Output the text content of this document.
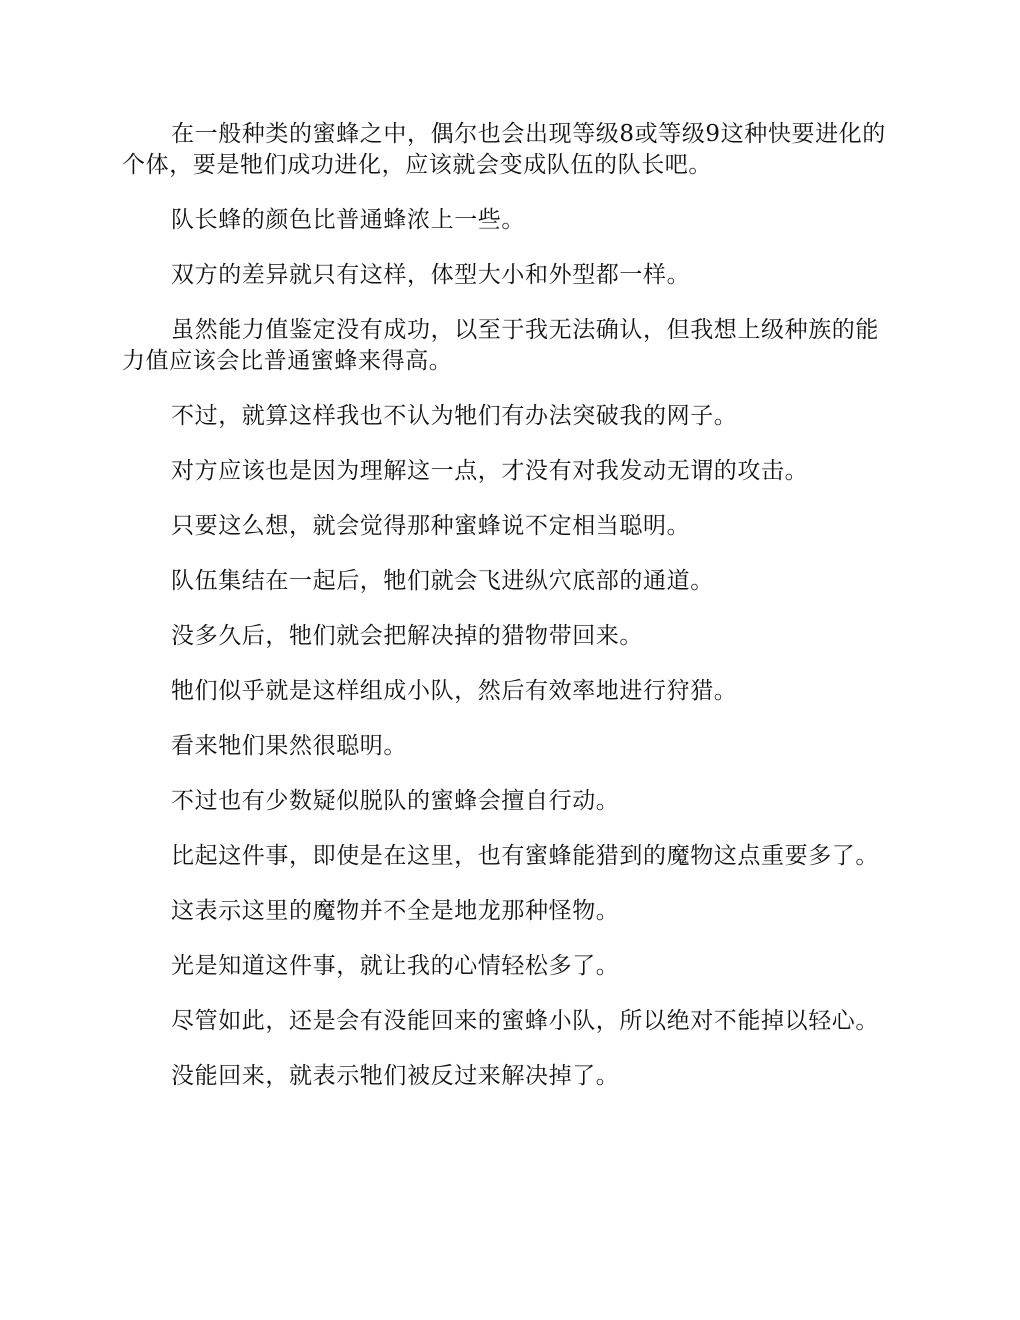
在一般种类的蜜蜂之中，偶尔也会出现等级8或等级9这种快要进化的个体，要是牠们成功进化，应该就会变成队伍的队长吧。

队长蜂的颜色比普通蜂浓上一些。

双方的差异就只有这样，体型大小和外型都一样。

虽然能力值鉴定没有成功，以至于我无法确认，但我想上级种族的能力值应该会比普通蜜蜂来得高。

不过，就算这样我也不认为牠们有办法突破我的网子。

对方应该也是因为理解这一点，才没有对我发动无谓的攻击。

只要这么想，就会觉得那种蜜蜂说不定相当聪明。

队伍集结在一起后，牠们就会飞进纵穴底部的通道。

没多久后，牠们就会把解决掉的猎物带回来。

牠们似乎就是这样组成小队，然后有效率地进行狩猎。

看来牠们果然很聪明。

不过也有少数疑似脱队的蜜蜂会擅自行动。

比起这件事，即使是在这里，也有蜜蜂能猎到的魔物这点重要多了。

这表示这里的魔物并不全是地龙那种怪物。

光是知道这件事，就让我的心情轻松多了。

尽管如此，还是会有没能回来的蜜蜂小队，所以绝对不能掉以轻心。

没能回来，就表示牠们被反过来解决掉了。
